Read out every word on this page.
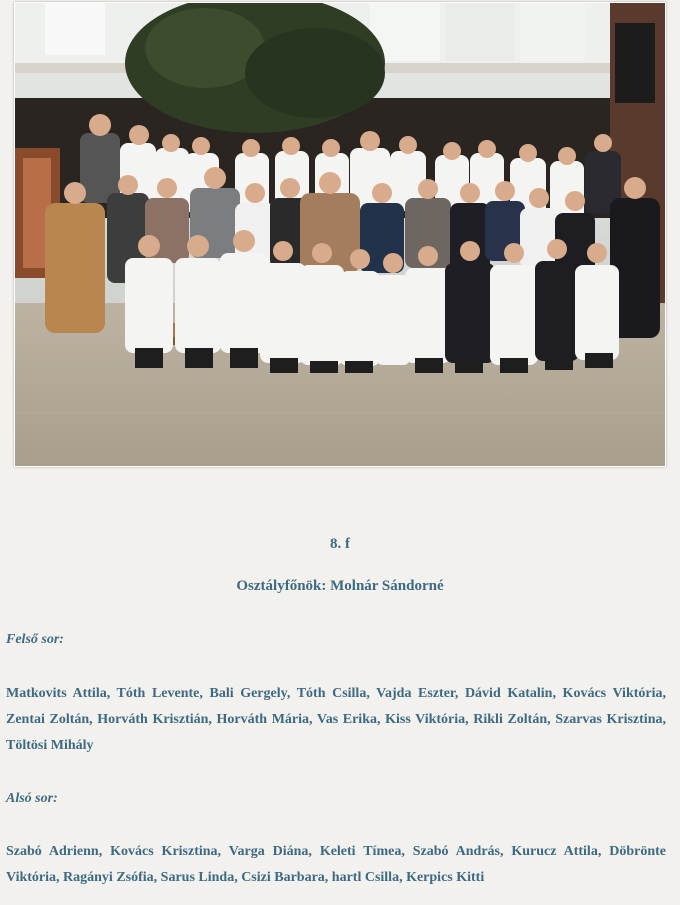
8. f
Osztályfőnök: Molnár Sándorné
Felső sor:
Matkovits Attila, Tóth Levente, Bali Gergely, Tóth Csilla, Vajda Eszter, Dávid Katalin, Kovács Viktória, Zentai Zoltán, Horváth Krisztián, Horváth Mária, Vas Erika, Kiss Viktória, Rikli Zoltán, Szarvas Krisztina, Töltösi Mihály
Alsó sor:
Szabó Adrienn, Kovács Krisztina, Varga Diána, Keleti Tímea, Szabó András, Kurucz Attila, Döbrönte Viktória, Ragányi Zsófia, Sarus Linda, Csizi Barbara, hartl Csilla, Kerpics Kitti
